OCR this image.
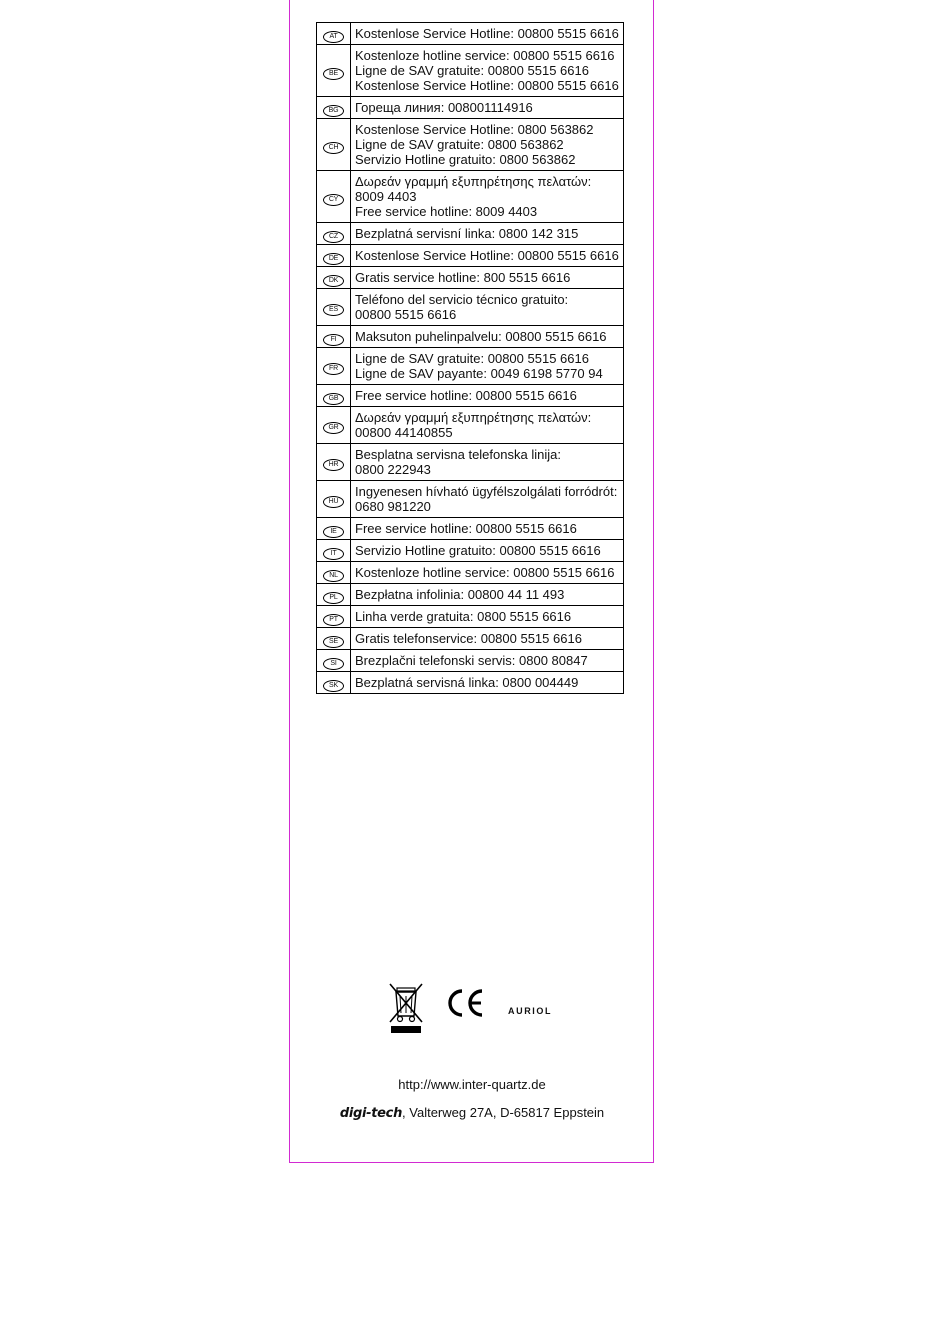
AT	Kostenlose Service Hotline: 00800 5515 6616

BE	Kostenloze hotline service: 00800 5515 6616
Ligne de SAV gratuite: 00800 5515 6616
Kostenlose Service Hotline: 00800 5515 6616

BG	Гореща линия: 008001114916

CH	Kostenlose Service Hotline: 0800 563862
Ligne de SAV gratuite: 0800 563862
Servizio Hotline gratuito: 0800 563862

CY	Δωρεάν γραμμή εξυπηρέτησης πελατών:
8009 4403
Free service hotline: 8009 4403

CZ	Bezplatná servisní linka: 0800 142 315

DE	Kostenlose Service Hotline: 00800 5515 6616

DK	Gratis service hotline: 800 5515 6616

ES	Teléfono del servicio técnico gratuito:
00800 5515 6616

FI	Maksuton puhelinpalvelu: 00800 5515 6616

FR	Ligne de SAV gratuite: 00800 5515 6616
Ligne de SAV payante: 0049 6198 5770 94

GB	Free service hotline: 00800 5515 6616

GR	Δωρεάν γραμμή εξυπηρέτησης πελατών:
00800 44140855

HR	Besplatna servisna telefonska linija:
0800 222943

HU	Ingyenesen hívható ügyfélszolgálati forródrót:
0680 981220

IE	Free service hotline: 00800 5515 6616

IT	Servizio Hotline gratuito: 00800 5515 6616

NL	Kostenloze hotline service: 00800 5515 6616

PL	Bezpłatna infolinia: 00800 44 11 493

PT	Linha verde gratuita: 0800 5515 6616

SE	Gratis telefonservice: 00800 5515 6616

SI	Brezplačni telefonski servis: 0800 80847

SK	Bezplatná servisná linka: 0800 004449
AURIOL
http://www.inter-quartz.de
digi-tech, Valterweg 27A, D-65817 Eppstein
